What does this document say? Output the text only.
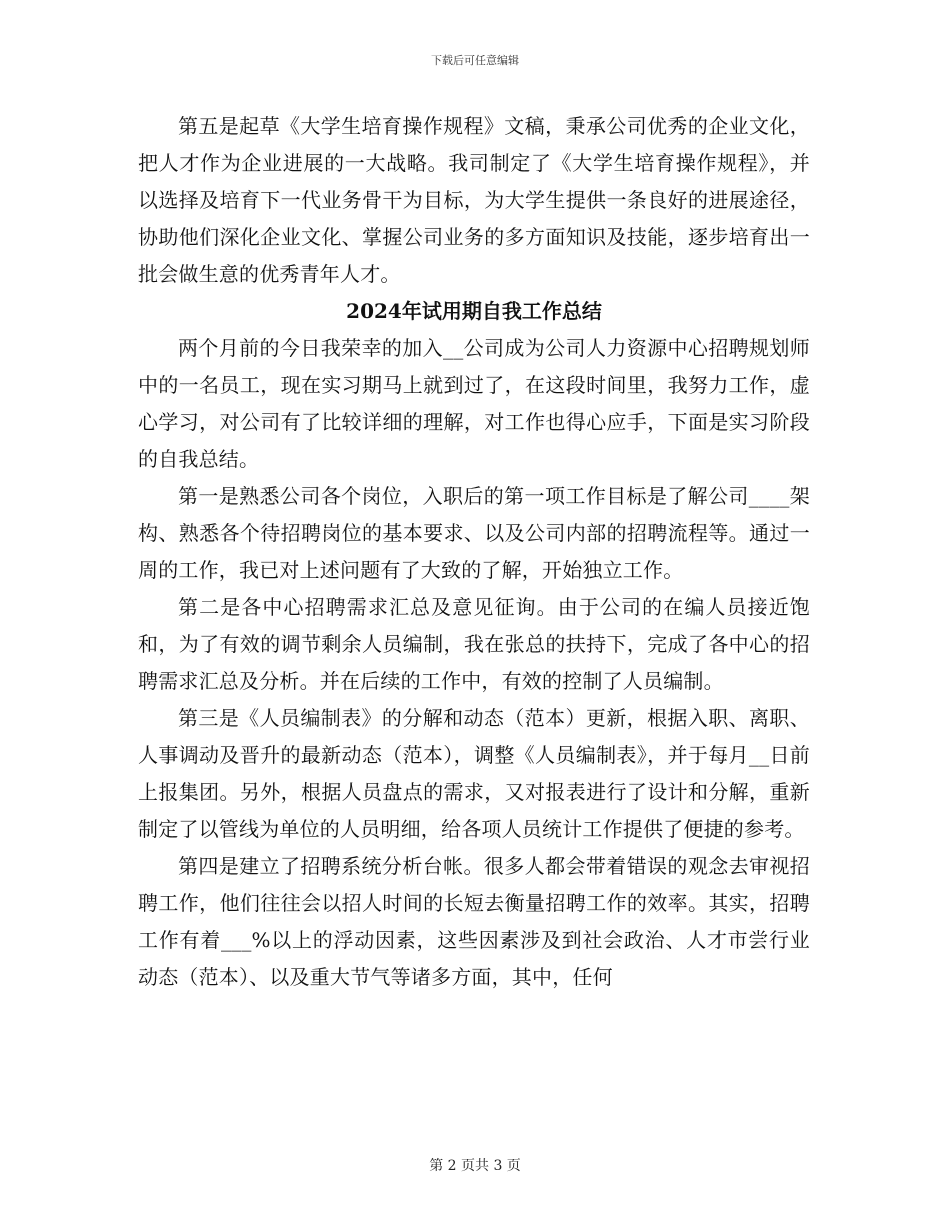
下载后可任意编辑

第五是起草《大学生培育操作规程》文稿，秉承公司优秀的企业文化，把人才作为企业进展的一大战略。我司制定了《大学生培育操作规程》，并以选择及培育下一代业务骨干为目标，为大学生提供一条良好的进展途径，协助他们深化企业文化、掌握公司业务的多方面知识及技能，逐步培育出一批会做生意的优秀青年人才。

2024年试用期自我工作总结

两个月前的今日我荣幸的加入__公司成为公司人力资源中心招聘规划师中的一名员工，现在实习期马上就到过了，在这段时间里，我努力工作，虚心学习，对公司有了比较详细的理解，对工作也得心应手，下面是实习阶段的自我总结。

第一是熟悉公司各个岗位，入职后的第一项工作目标是了解公司____架构、熟悉各个待招聘岗位的基本要求、以及公司内部的招聘流程等。通过一周的工作，我已对上述问题有了大致的了解，开始独立工作。

第二是各中心招聘需求汇总及意见征询。由于公司的在编人员接近饱和，为了有效的调节剩余人员编制，我在张总的扶持下，完成了各中心的招聘需求汇总及分析。并在后续的工作中，有效的控制了人员编制。

第三是《人员编制表》的分解和动态（范本）更新，根据入职、离职、人事调动及晋升的最新动态（范本），调整《人员编制表》，并于每月__日前上报集团。另外，根据人员盘点的需求，又对报表进行了设计和分解，重新制定了以管线为单位的人员明细，给各项人员统计工作提供了便捷的参考。

第四是建立了招聘系统分析台帐。很多人都会带着错误的观念去审视招聘工作，他们往往会以招人时间的长短去衡量招聘工作的效率。其实，招聘工作有着___%以上的浮动因素，这些因素涉及到社会政治、人才市尝行业动态（范本）、以及重大节气等诸多方面，其中，任何

第 2 页共 3 页
